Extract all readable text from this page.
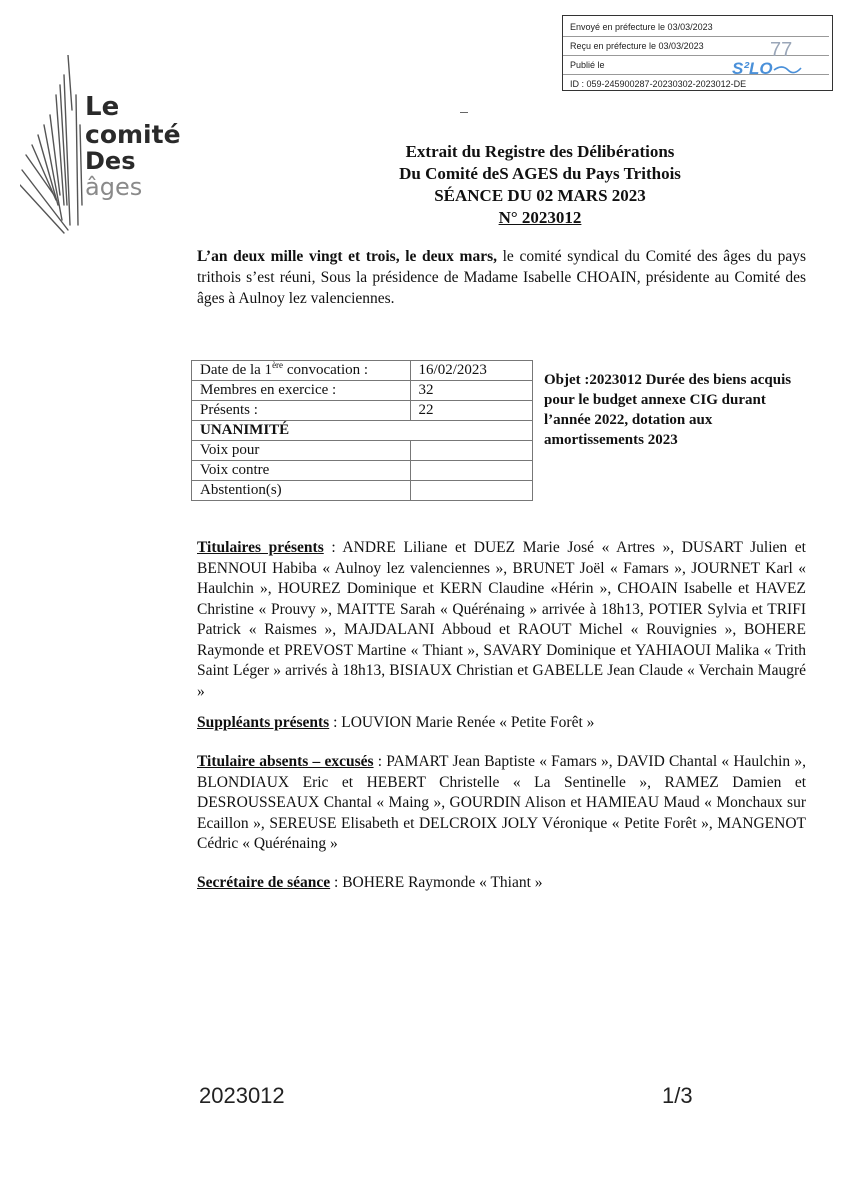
Envoyé en préfecture le 03/03/2023
Reçu en préfecture le 03/03/2023
Publié le
ID : 059-245900287-20230302-2023012-DE
77
S²LO
Le
comité
Des
âges
Extrait du Registre des Délibérations
Du Comité deS AGES du Pays Trithois
SÉANCE DU 02 MARS 2023
N° 2023012
L’an deux mille vingt et trois, le deux mars, le comité syndical du Comité des âges du pays trithois s’est réuni, Sous la présidence de Madame Isabelle CHOAIN, présidente au Comité des âges à Aulnoy lez valenciennes.
Date de la 1ère convocation :	16/02/2023
Membres en exercice :	32
Présents :	22
UNANIMITÉ	
Voix pour	
Voix contre	
Abstention(s)	
Objet :2023012 Durée des biens acquis pour le budget annexe CIG durant l’année 2022, dotation aux amortissements 2023
Titulaires présents : ANDRE Liliane et DUEZ Marie José « Artres », DUSART Julien et BENNOUI Habiba « Aulnoy lez valenciennes », BRUNET Joël « Famars », JOURNET Karl « Haulchin », HOUREZ Dominique et KERN Claudine «Hérin », CHOAIN Isabelle et HAVEZ Christine « Prouvy », MAITTE Sarah « Quérénaing » arrivée à 18h13, POTIER Sylvia et TRIFI Patrick « Raismes », MAJDALANI Abboud et RAOUT Michel « Rouvignies », BOHERE Raymonde et PREVOST Martine « Thiant », SAVARY Dominique et YAHIAOUI Malika « Trith Saint Léger » arrivés à 18h13, BISIAUX Christian et GABELLE Jean Claude « Verchain Maugré »
Suppléants présents : LOUVION Marie Renée « Petite Forêt »
Titulaire absents – excusés : PAMART Jean Baptiste « Famars », DAVID Chantal « Haulchin », BLONDIAUX Eric et HEBERT Christelle « La Sentinelle », RAMEZ Damien et DESROUSSEAUX Chantal « Maing », GOURDIN Alison et HAMIEAU Maud « Monchaux sur Ecaillon », SEREUSE Elisabeth et DELCROIX JOLY Véronique « Petite Forêt », MANGENOT Cédric « Quérénaing »
Secrétaire de séance : BOHERE Raymonde « Thiant »
2023012	1/3
